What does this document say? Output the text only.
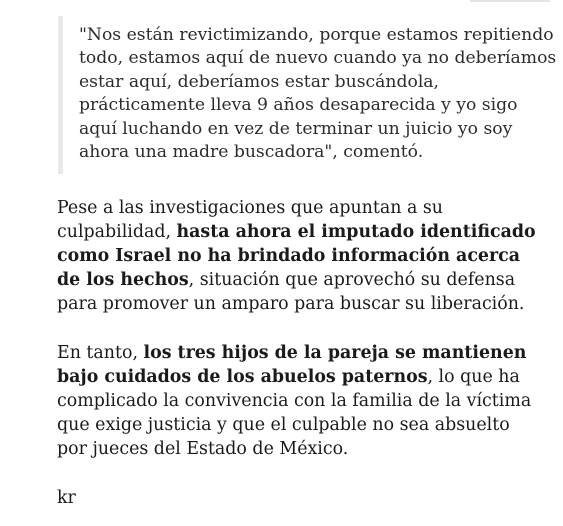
"Nos están revictimizando, porque estamos repitiendo todo, estamos aquí de nuevo cuando ya no deberíamos estar aquí, deberíamos estar buscándola, prácticamente lleva 9 años desaparecida y yo sigo aquí luchando en vez de terminar un juicio yo soy ahora una madre buscadora", comentó.

Pese a las investigaciones que apuntan a su culpabilidad, hasta ahora el imputado identificado como Israel no ha brindado información acerca de los hechos, situación que aprovechó su defensa para promover un amparo para buscar su liberación.

En tanto, los tres hijos de la pareja se mantienen bajo cuidados de los abuelos paternos, lo que ha complicado la convivencia con la familia de la víctima que exige justicia y que el culpable no sea absuelto por jueces del Estado de México.

kr
